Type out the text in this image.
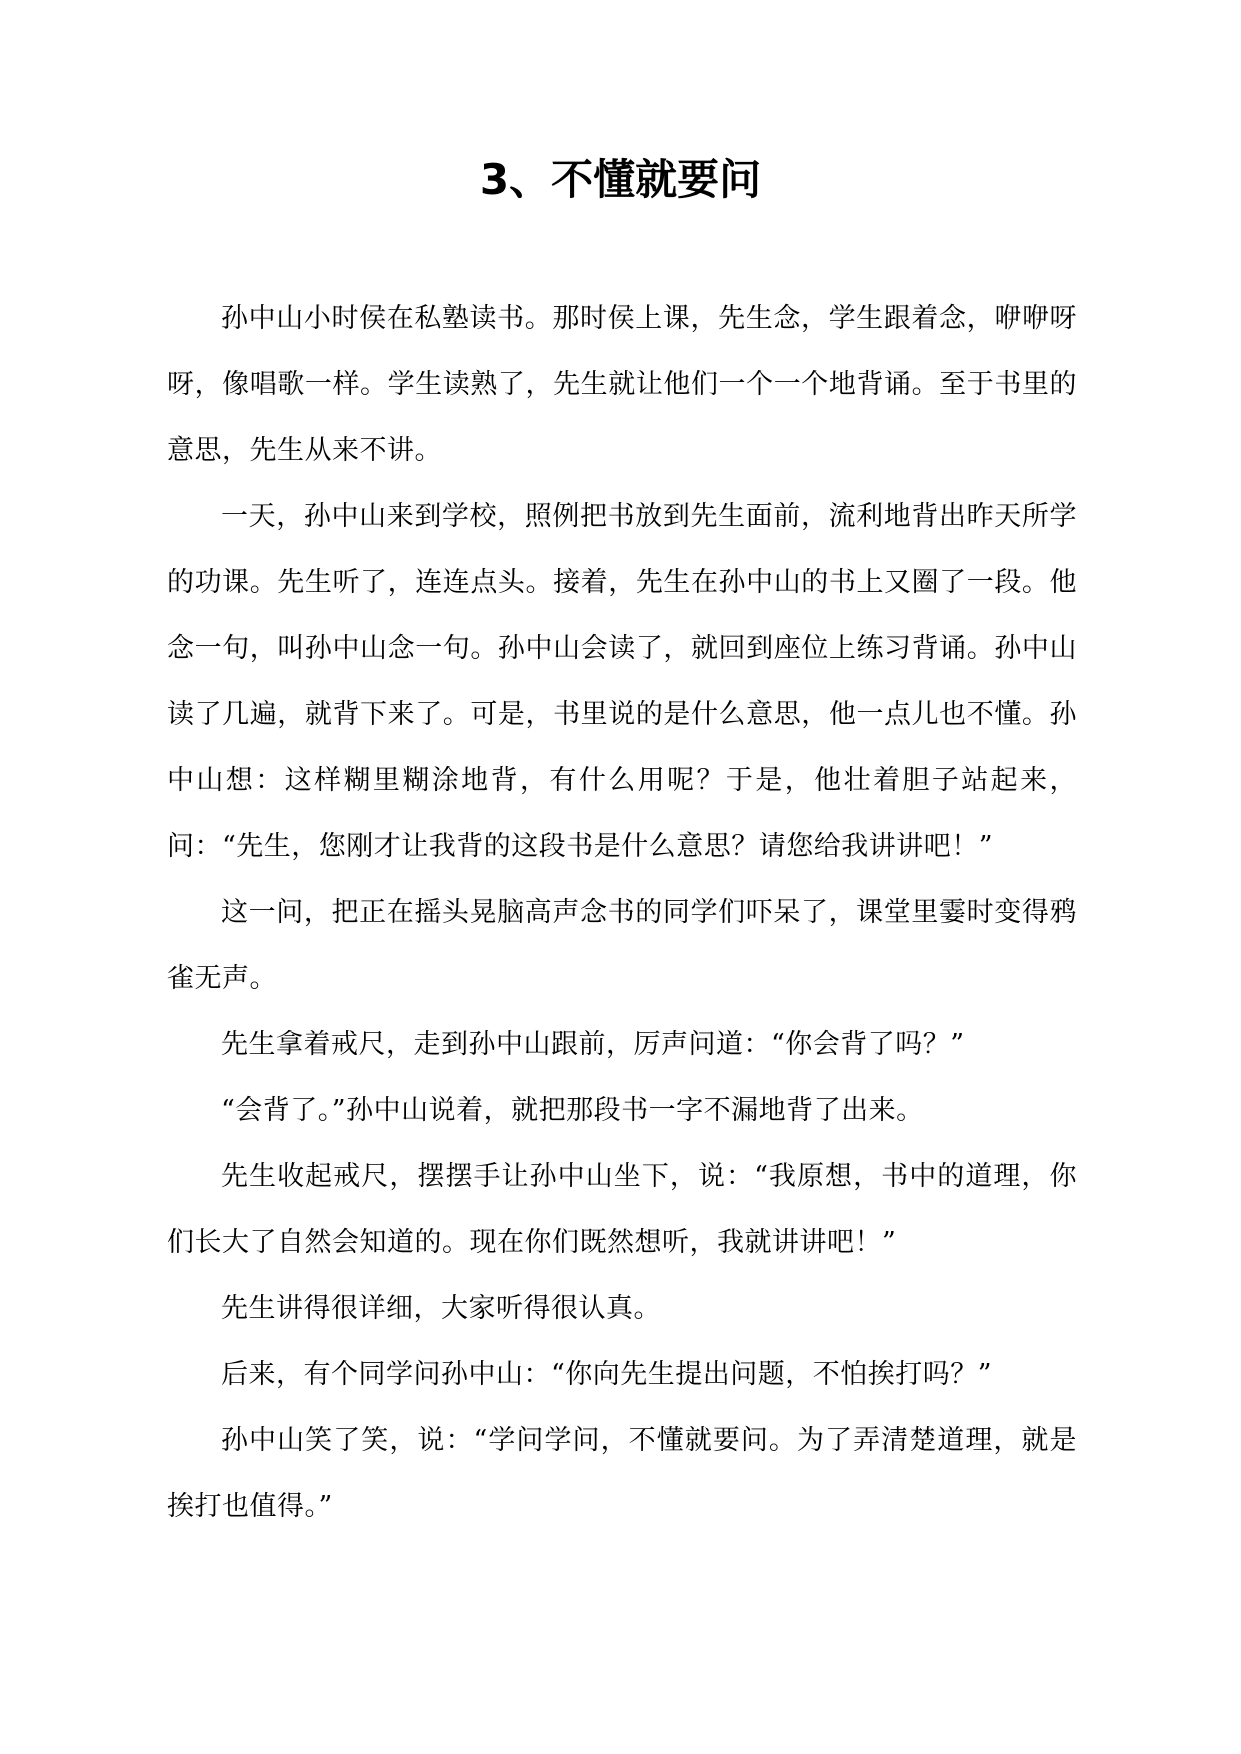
3、不懂就要问

孙中山小时侯在私塾读书。那时侯上课，先生念，学生跟着念，咿咿呀呀，像唱歌一样。学生读熟了，先生就让他们一个一个地背诵。至于书里的意思，先生从来不讲。

一天，孙中山来到学校，照例把书放到先生面前，流利地背出昨天所学的功课。先生听了，连连点头。接着，先生在孙中山的书上又圈了一段。他念一句，叫孙中山念一句。孙中山会读了，就回到座位上练习背诵。孙中山读了几遍，就背下来了。可是，书里说的是什么意思，他一点儿也不懂。孙中山想：这样糊里糊涂地背，有什么用呢？于是，他壮着胆子站起来，问：“先生，您刚才让我背的这段书是什么意思？请您给我讲讲吧！”

这一问，把正在摇头晃脑高声念书的同学们吓呆了，课堂里霎时变得鸦雀无声。

先生拿着戒尺，走到孙中山跟前，厉声问道：“你会背了吗？”

“会背了。”孙中山说着，就把那段书一字不漏地背了出来。

先生收起戒尺，摆摆手让孙中山坐下，说：“我原想，书中的道理，你们长大了自然会知道的。现在你们既然想听，我就讲讲吧！”

先生讲得很详细，大家听得很认真。

后来，有个同学问孙中山：“你向先生提出问题，不怕挨打吗？”

孙中山笑了笑，说：“学问学问，不懂就要问。为了弄清楚道理，就是挨打也值得。”
